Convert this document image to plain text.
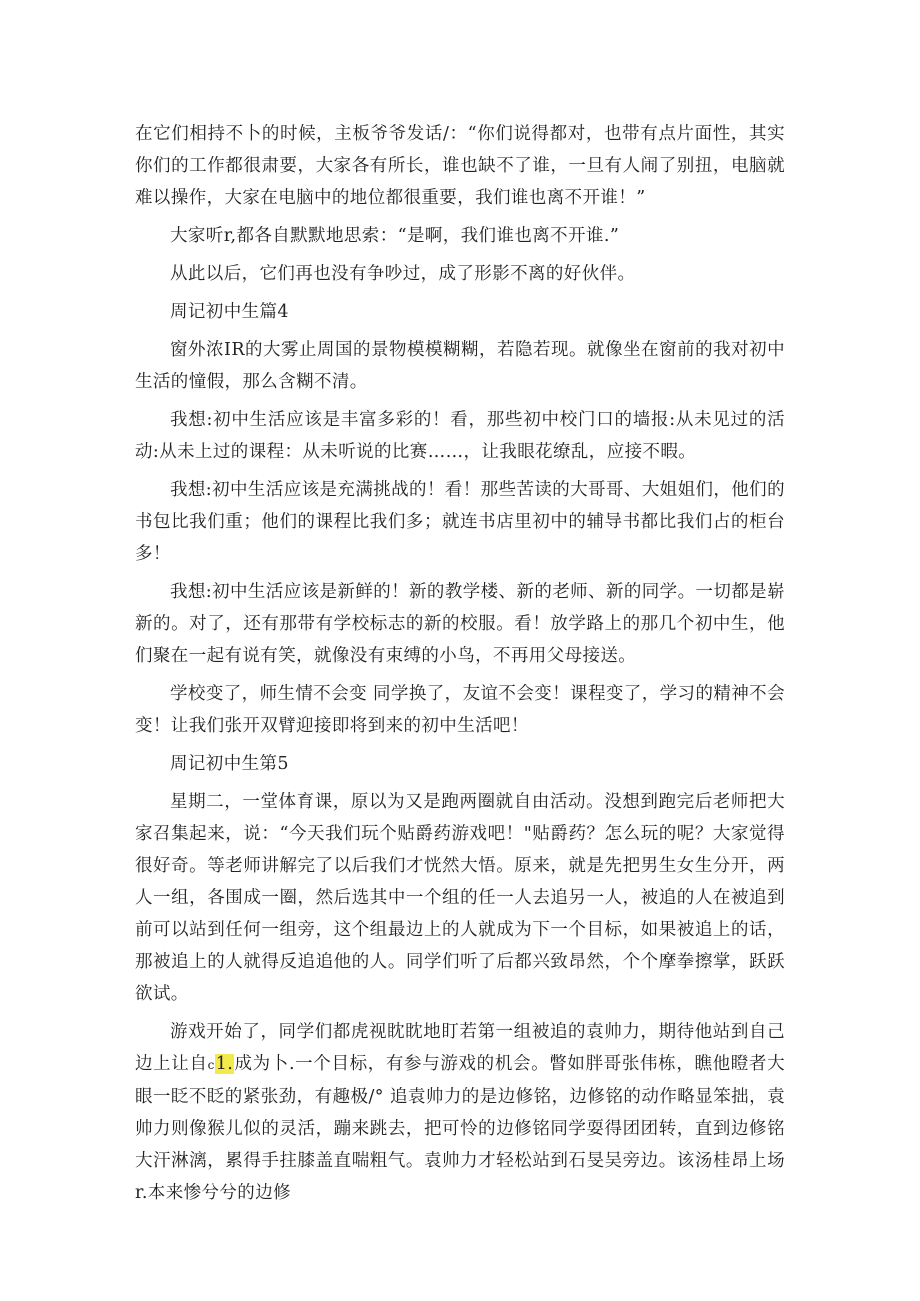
在它们相持不卜的时候，主板爷爷发话/：“你们说得都对，也带有点片面性，其实你们的工作都很肃要，大家各有所长，谁也缺不了谁，一旦有人闹了别扭，电脑就难以操作，大家在电脑中的地位都很重要，我们谁也离不开谁！”

大家听r,都各自默默地思索：“是啊，我们谁也离不开谁.”

从此以后，它们再也没有争吵过，成了形影不离的好伙伴。

周记初中生篇4

窗外浓IR的大雾止周国的景物模模糊糊，若隐若现。就像坐在窗前的我对初中生活的憧假，那么含糊不清。

我想:初中生活应该是丰富多彩的！看，那些初中校门口的墙报:从未见过的活动:从未上过的课程：从未听说的比赛……，让我眼花缭乱，应接不暇。

我想:初中生活应该是充满挑战的！看！那些苦读的大哥哥、大姐姐们，他们的书包比我们重；他们的课程比我们多；就连书店里初中的辅导书都比我们占的柜台多！

我想:初中生活应该是新鲜的！新的教学楼、新的老师、新的同学。一切都是崭新的。对了，还有那带有学校标志的新的校服。看！放学路上的那几个初中生，他们聚在一起有说有笑，就像没有束缚的小鸟，不再用父母接送。

学校变了，师生情不会变 同学换了，友谊不会变！课程变了，学习的精神不会变！让我们张开双臂迎接即将到来的初中生活吧！

周记初中生第5

星期二，一堂体育课，原以为又是跑两圈就自由活动。没想到跑完后老师把大家召集起来，说：“今天我们玩个贴爵药游戏吧！"贴爵药？怎么玩的呢？大家觉得很好奇。等老师讲解完了以后我们才恍然大悟。原来，就是先把男生女生分开，两人一组，各围成一圈，然后选其中一个组的任一人去追另一人，被追的人在被追到前可以站到任何一组旁，这个组最边上的人就成为下一个目标，如果被追上的话，那被追上的人就得反追追他的人。同学们听了后都兴致昂然，个个摩拳擦掌，跃跃欲试。

游戏开始了，同学们都虎视眈眈地盯若第一组被追的袁帅力，期待他站到自己边上让自c1.成为卜.一个目标，有参与游戏的机会。瞥如胖哥张伟栋，瞧他瞪者大眼一眨不眨的紧张劲，有趣极/° 追袁帅力的是边修铭，边修铭的动作略显笨拙，袁帅力则像猴儿似的灵活，蹦来跳去，把可怜的边修铭同学耍得团团转，直到边修铭大汗淋漓，累得手拄膝盖直喘粗气。袁帅力才轻松站到石旻吴旁边。该汤桂昂上场r.本来惨兮兮的边修
